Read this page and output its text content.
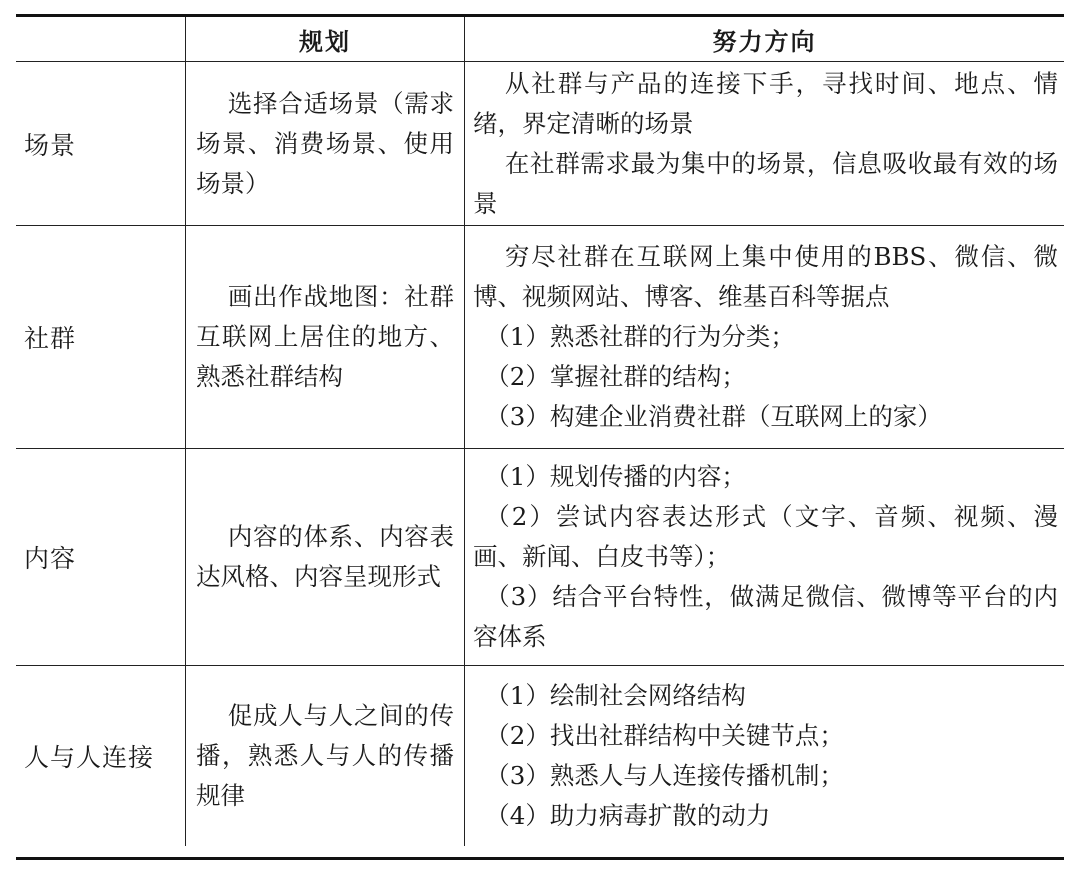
规划	努力方向
场景

选择合适场景（需求场景、消费场景、使用场景）

从社群与产品的连接下手，寻找时间、地点、情绪，界定清晰的场景

在社群需求最为集中的场景，信息吸收最有效的场景

社群

画出作战地图：社群互联网上居住的地方、熟悉社群结构

穷尽社群在互联网上集中使用的BBS、微信、微博、视频网站、博客、维基百科等据点

（1）熟悉社群的行为分类；

（2）掌握社群的结构；

（3）构建企业消费社群（互联网上的家）

内容

内容的体系、内容表达风格、内容呈现形式

（1）规划传播的内容；

（2）尝试内容表达形式（文字、音频、视频、漫画、新闻、白皮书等）；

（3）结合平台特性，做满足微信、微博等平台的内容体系

人与人连接

促成人与人之间的传播，熟悉人与人的传播规律

（1）绘制社会网络结构

（2）找出社群结构中关键节点；

（3）熟悉人与人连接传播机制；

（4）助力病毒扩散的动力
